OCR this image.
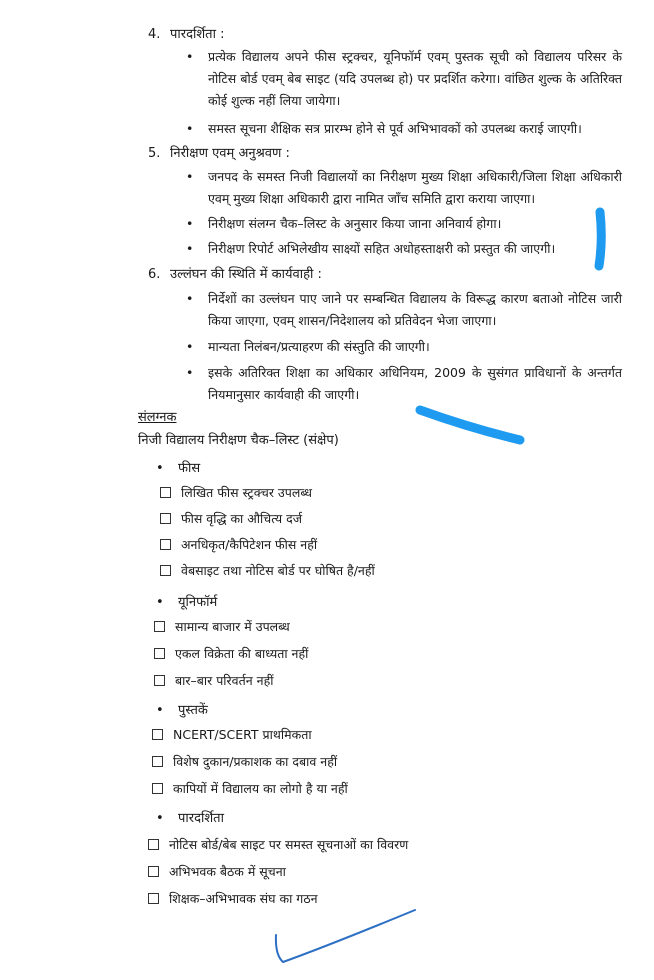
4. पारदर्शिता :
•	प्रत्येक विद्यालय अपने फीस स्ट्रक्चर, यूनिफॉर्म एवम् पुस्तक सूची को विद्यालय परिसर के नोटिस बोर्ड एवम् बेब साइट (यदि उपलब्ध हो) पर प्रदर्शित करेगा। वांछित शुल्क के अतिरिक्त कोई शुल्क नहीं लिया जायेगा।
•	समस्त सूचना शैक्षिक सत्र प्रारम्भ होने से पूर्व अभिभावकों को उपलब्ध कराई जाएगी।
5. निरीक्षण एवम् अनुश्रवण :
•	जनपद के समस्त निजी विद्यालयों का निरीक्षण मुख्य शिक्षा अधिकारी/जिला शिक्षा अधिकारी एवम् मुख्य शिक्षा अधिकारी द्वारा नामित जाँच समिति द्वारा कराया जाएगा।
•	निरीक्षण संलग्न चैक–लिस्ट के अनुसार किया जाना अनिवार्य होगा।
•	निरीक्षण रिपोर्ट अभिलेखीय साक्ष्यों सहित अधोहस्ताक्षरी को प्रस्तुत की जाएगी।
6. उल्लंघन की स्थिति में कार्यवाही :
•	निर्देशों का उल्लंघन पाए जाने पर सम्बन्धित विद्यालय के विरूद्ध कारण बताओ नोटिस जारी किया जाएगा, एवम् शासन/निदेशालय को प्रतिवेदन भेजा जाएगा।
•	मान्यता निलंबन/प्रत्याहरण की संस्तुति की जाएगी।
•	इसके अतिरिक्त शिक्षा का अधिकार अधिनियम, 2009 के सुसंगत प्राविधानों के अन्तर्गत नियमानुसार कार्यवाही की जाएगी।
संलग्नक
निजी विद्यालय निरीक्षण चैक–लिस्ट (संक्षेप)
• फीस
लिखित फीस स्ट्रक्चर उपलब्ध
फीस वृद्धि का औचित्य दर्ज
अनधिकृत/कैपिटेशन फीस नहीं
वेबसाइट तथा नोटिस बोर्ड पर घोषित है/नहीं
• यूनिफॉर्म
सामान्य बाजार में उपलब्ध
एकल विक्रेता की बाध्यता नहीं
बार–बार परिवर्तन नहीं
• पुस्तकें
NCERT/SCERT प्राथमिकता
विशेष दुकान/प्रकाशक का दबाव नहीं
कापियों में विद्यालय का लोगो है या नहीं
• पारदर्शिता
नोटिस बोर्ड/बेब साइट पर समस्त सूचनाओं का विवरण
अभिभवक बैठक में सूचना
शिक्षक–अभिभावक संघ का गठन
